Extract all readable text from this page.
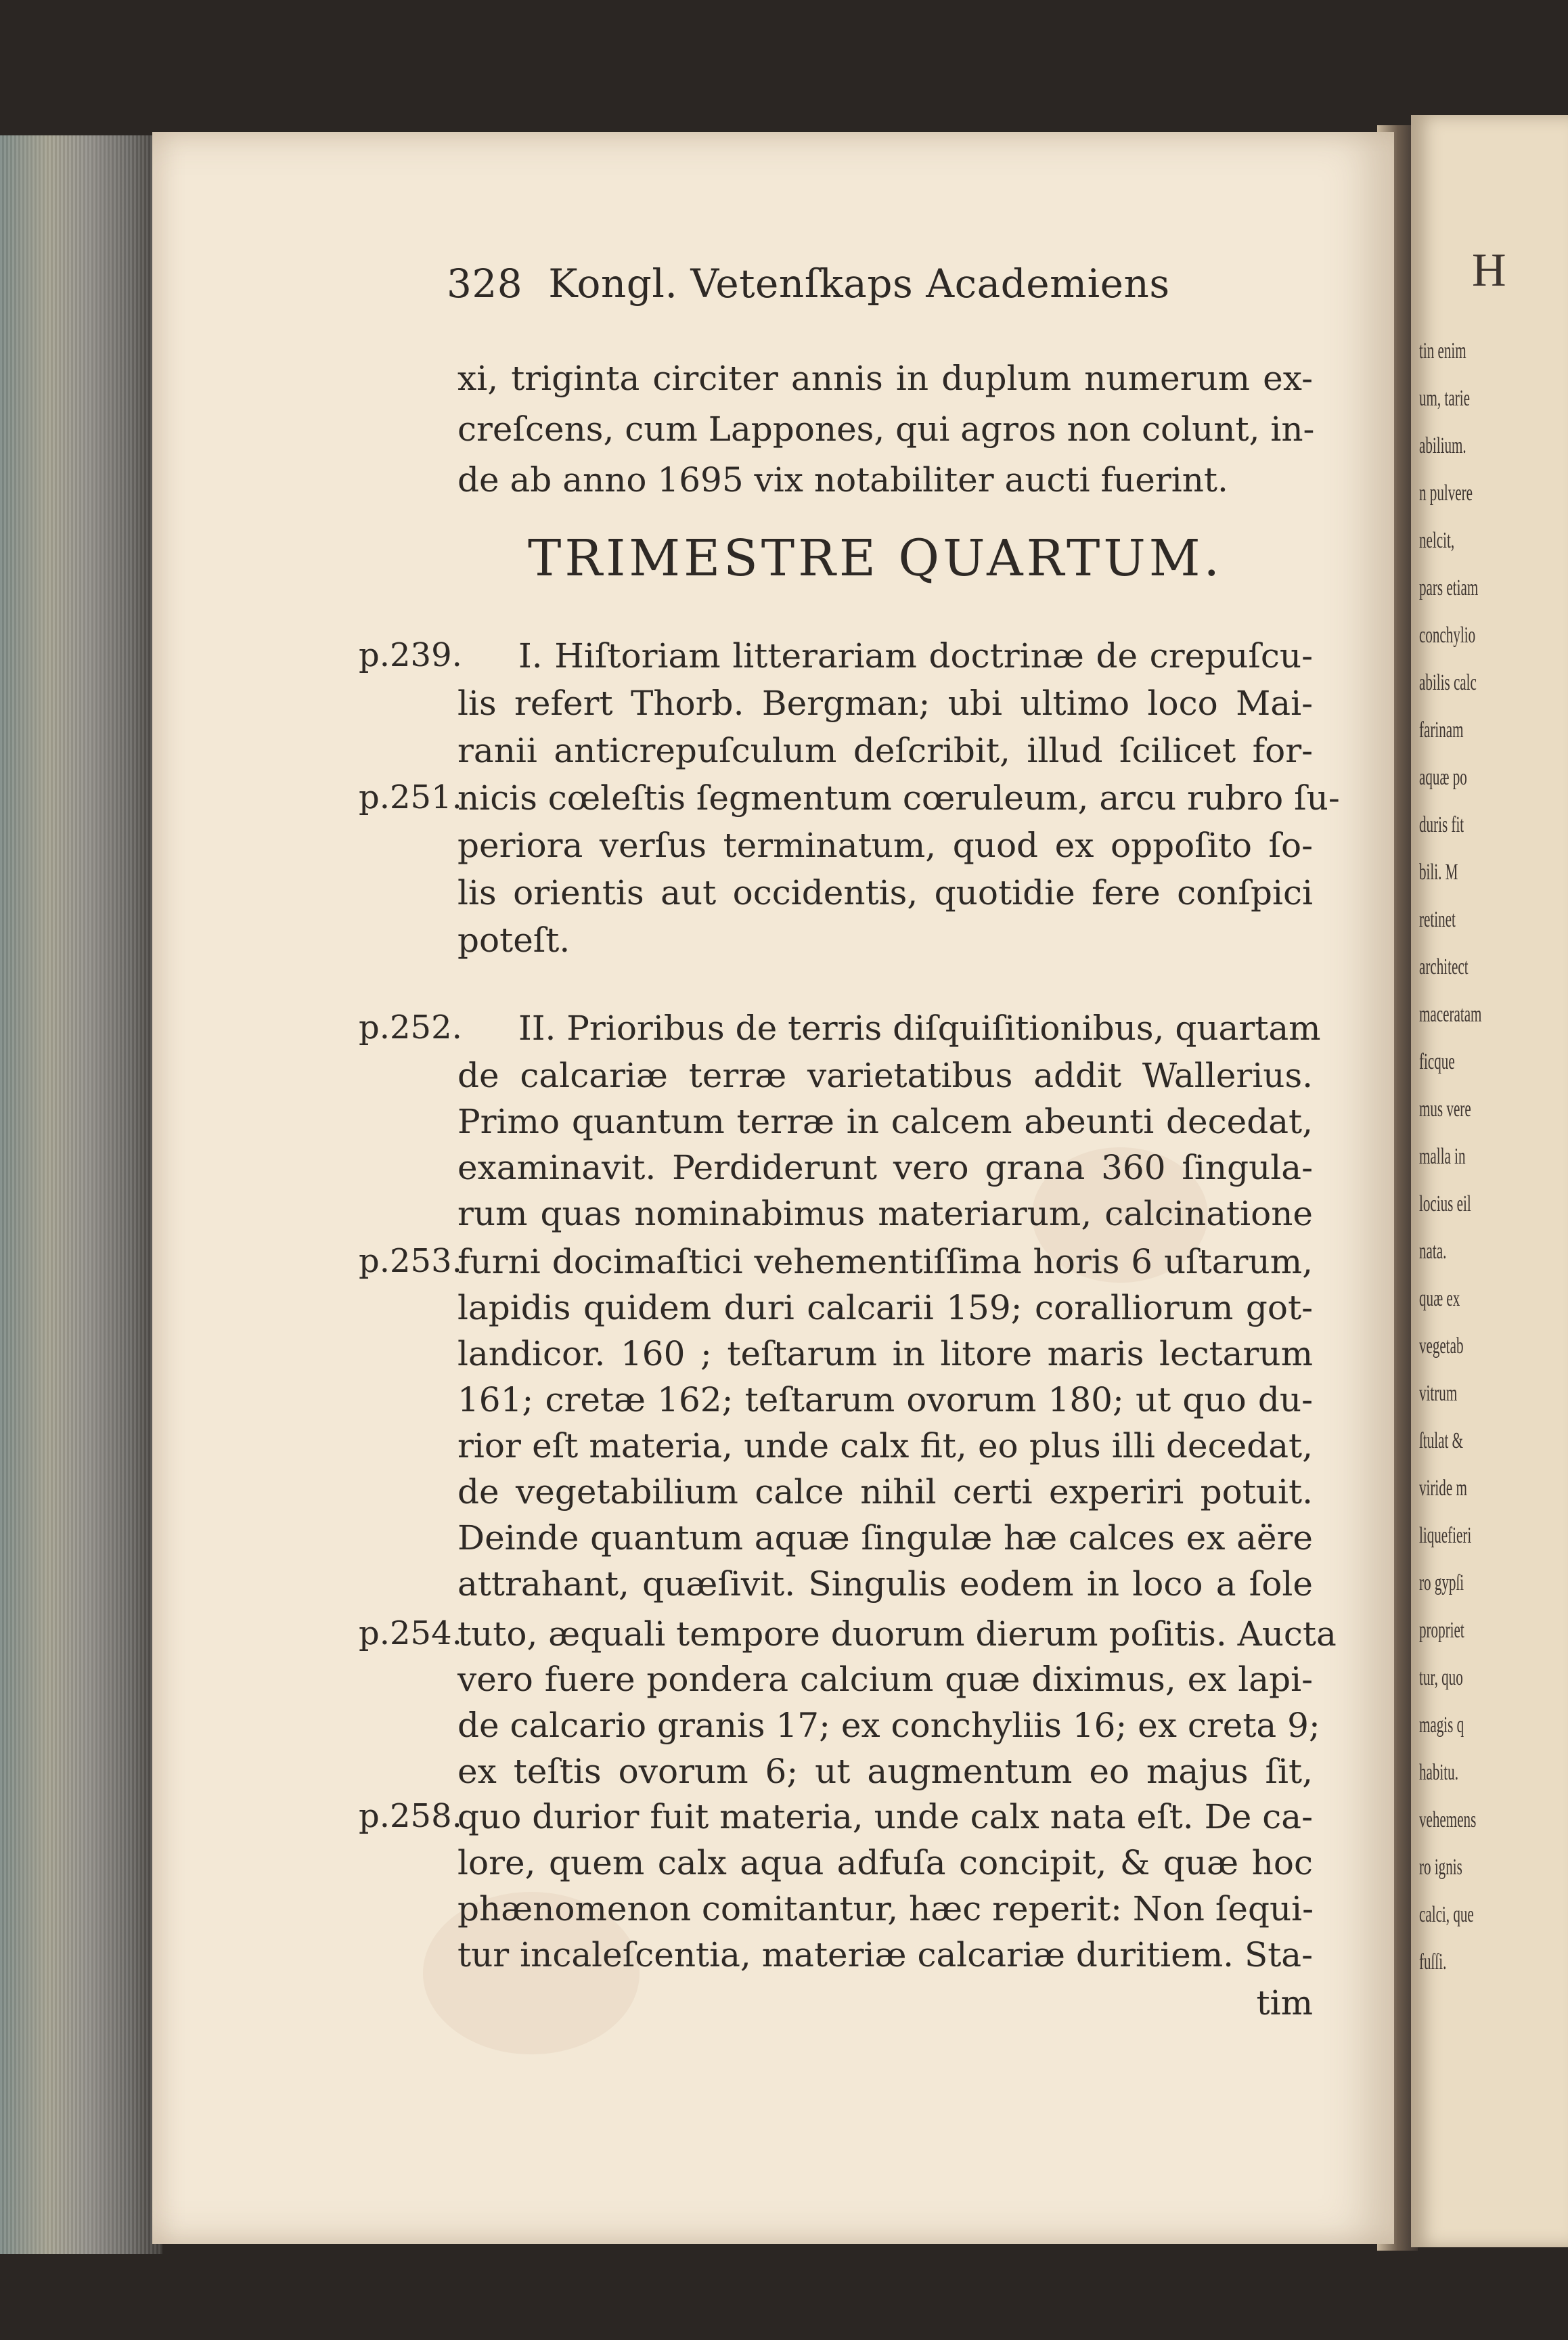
328 Kongl. Vetenſkaps Academiens
xi, triginta circiter annis in duplum numerum ex-
creſcens, cum Lappones, qui agros non colunt, in-
de ab anno 1695 vix notabiliter aucti fuerint.
TRIMESTRE QUARTUM.
p.239.
p.251.
p.252.
p.253.
p.254.
p.258.
I. Hiſtoriam litterariam doctrinæ de crepuſcu-
lis refert Thorb. Bergman; ubi ultimo loco Mai-
ranii anticrepuſculum deſcribit, illud ſcilicet for-
nicis cœleſtis ſegmentum cœruleum, arcu rubro ſu-
periora verſus terminatum, quod ex oppoſito ſo-
lis orientis aut occidentis, quotidie fere conſpici
poteſt.
II. Prioribus de terris diſquiſitionibus, quartam
de calcariæ terræ varietatibus addit Wallerius.
Primo quantum terræ in calcem abeunti decedat,
examinavit. Perdiderunt vero grana 360 ſingula-
rum quas nominabimus materiarum, calcinatione
furni docimaſtici vehementiſſima horis 6 uſtarum,
lapidis quidem duri calcarii 159; coralliorum got-
landicor. 160 ; teſtarum in litore maris lectarum
161; cretæ 162; teſtarum ovorum 180; ut quo du-
rior eſt materia, unde calx fit, eo plus illi decedat,
de vegetabilium calce nihil certi experiri potuit.
Deinde quantum aquæ ſingulæ hæ calces ex aëre
attrahant, quæſivit. Singulis eodem in loco a ſole
tuto, æquali tempore duorum dierum poſitis. Aucta
vero fuere pondera calcium quæ diximus, ex lapi-
de calcario granis 17; ex conchyliis 16; ex creta 9;
ex teſtis ovorum 6; ut augmentum eo majus ſit,
quo durior fuit materia, unde calx nata eſt. De ca-
lore, quem calx aqua adfuſa concipit, & quæ hoc
phænomenon comitantur, hæc reperit: Non ſequi-
tur incaleſcentia, materiæ calcariæ duritiem. Sta-
tim
H
tin enim
um, tarie
abilium.
n pulvere
nelcit,
pars etiam
conchylio
abilis calc
farinam
aquæ po
duris fit
bili. M
retinet
architect
maceratam
ficque
mus vere
malla in
locius eil
nata.
quæ ex
vegetab
vitrum
ſtulat &
viride m
liquefieri
ro gypſi
propriet
tur, quo
magis q
habitu.
vehemens
ro ignis
calci, que
fuſſi.
